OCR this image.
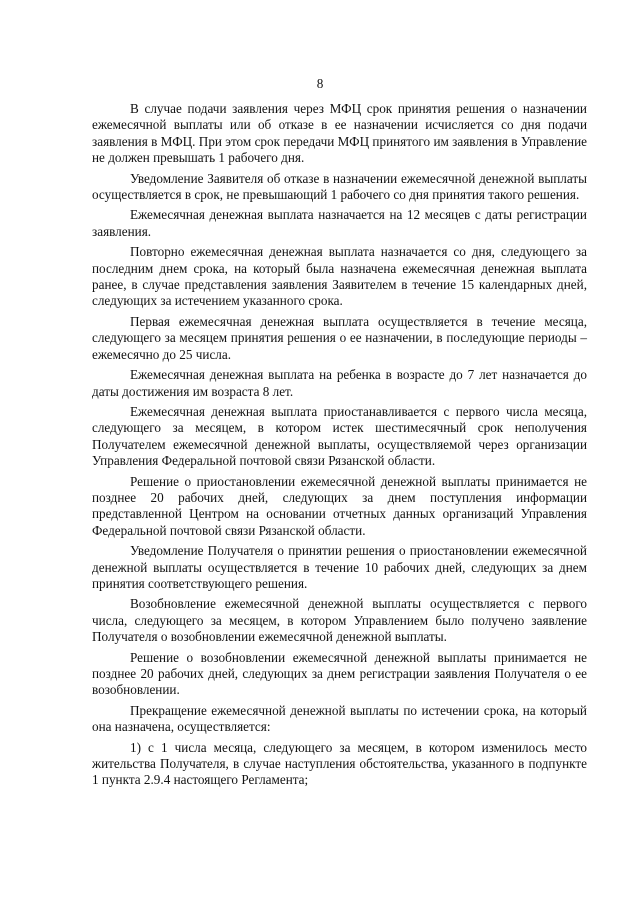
8

В случае подачи заявления через МФЦ срок принятия решения о назначении ежемесячной выплаты или об отказе в ее назначении исчисляется со дня подачи заявления в МФЦ. При этом срок передачи МФЦ принятого им заявления в Управление не должен превышать 1 рабочего дня.

Уведомление Заявителя об отказе в назначении ежемесячной денежной выплаты осуществляется в срок, не превышающий 1 рабочего со дня принятия такого решения.

Ежемесячная денежная выплата назначается на 12 месяцев с даты регистрации заявления.

Повторно ежемесячная денежная выплата назначается со дня, следующего за последним днем срока, на который была назначена ежемесячная денежная выплата ранее, в случае представления заявления Заявителем в течение 15 календарных дней, следующих за истечением указанного срока.

Первая ежемесячная денежная выплата осуществляется в течение месяца, следующего за месяцем принятия решения о ее назначении, в последующие периоды – ежемесячно до 25 числа.

Ежемесячная денежная выплата на ребенка в возрасте до 7 лет назначается до даты достижения им возраста 8 лет.

Ежемесячная денежная выплата приостанавливается с первого числа месяца, следующего за месяцем, в котором истек шестимесячный срок неполучения Получателем ежемесячной денежной выплаты, осуществляемой через организации Управления Федеральной почтовой связи Рязанской области.

Решение о приостановлении ежемесячной денежной выплаты принимается не позднее 20 рабочих дней, следующих за днем поступления информации представленной Центром на основании отчетных данных организаций Управления Федеральной почтовой связи Рязанской области.

Уведомление Получателя о принятии решения о приостановлении ежемесячной денежной выплаты осуществляется в течение 10 рабочих дней, следующих за днем принятия соответствующего решения.

Возобновление ежемесячной денежной выплаты осуществляется с первого числа, следующего за месяцем, в котором Управлением было получено заявление Получателя о возобновлении ежемесячной денежной выплаты.

Решение о возобновлении ежемесячной денежной выплаты принимается не позднее 20 рабочих дней, следующих за днем регистрации заявления Получателя о ее возобновлении.

Прекращение ежемесячной денежной выплаты по истечении срока, на который она назначена, осуществляется:

1) с 1 числа месяца, следующего за месяцем, в котором изменилось место жительства Получателя, в случае наступления обстоятельства, указанного в подпункте 1 пункта 2.9.4 настоящего Регламента;
